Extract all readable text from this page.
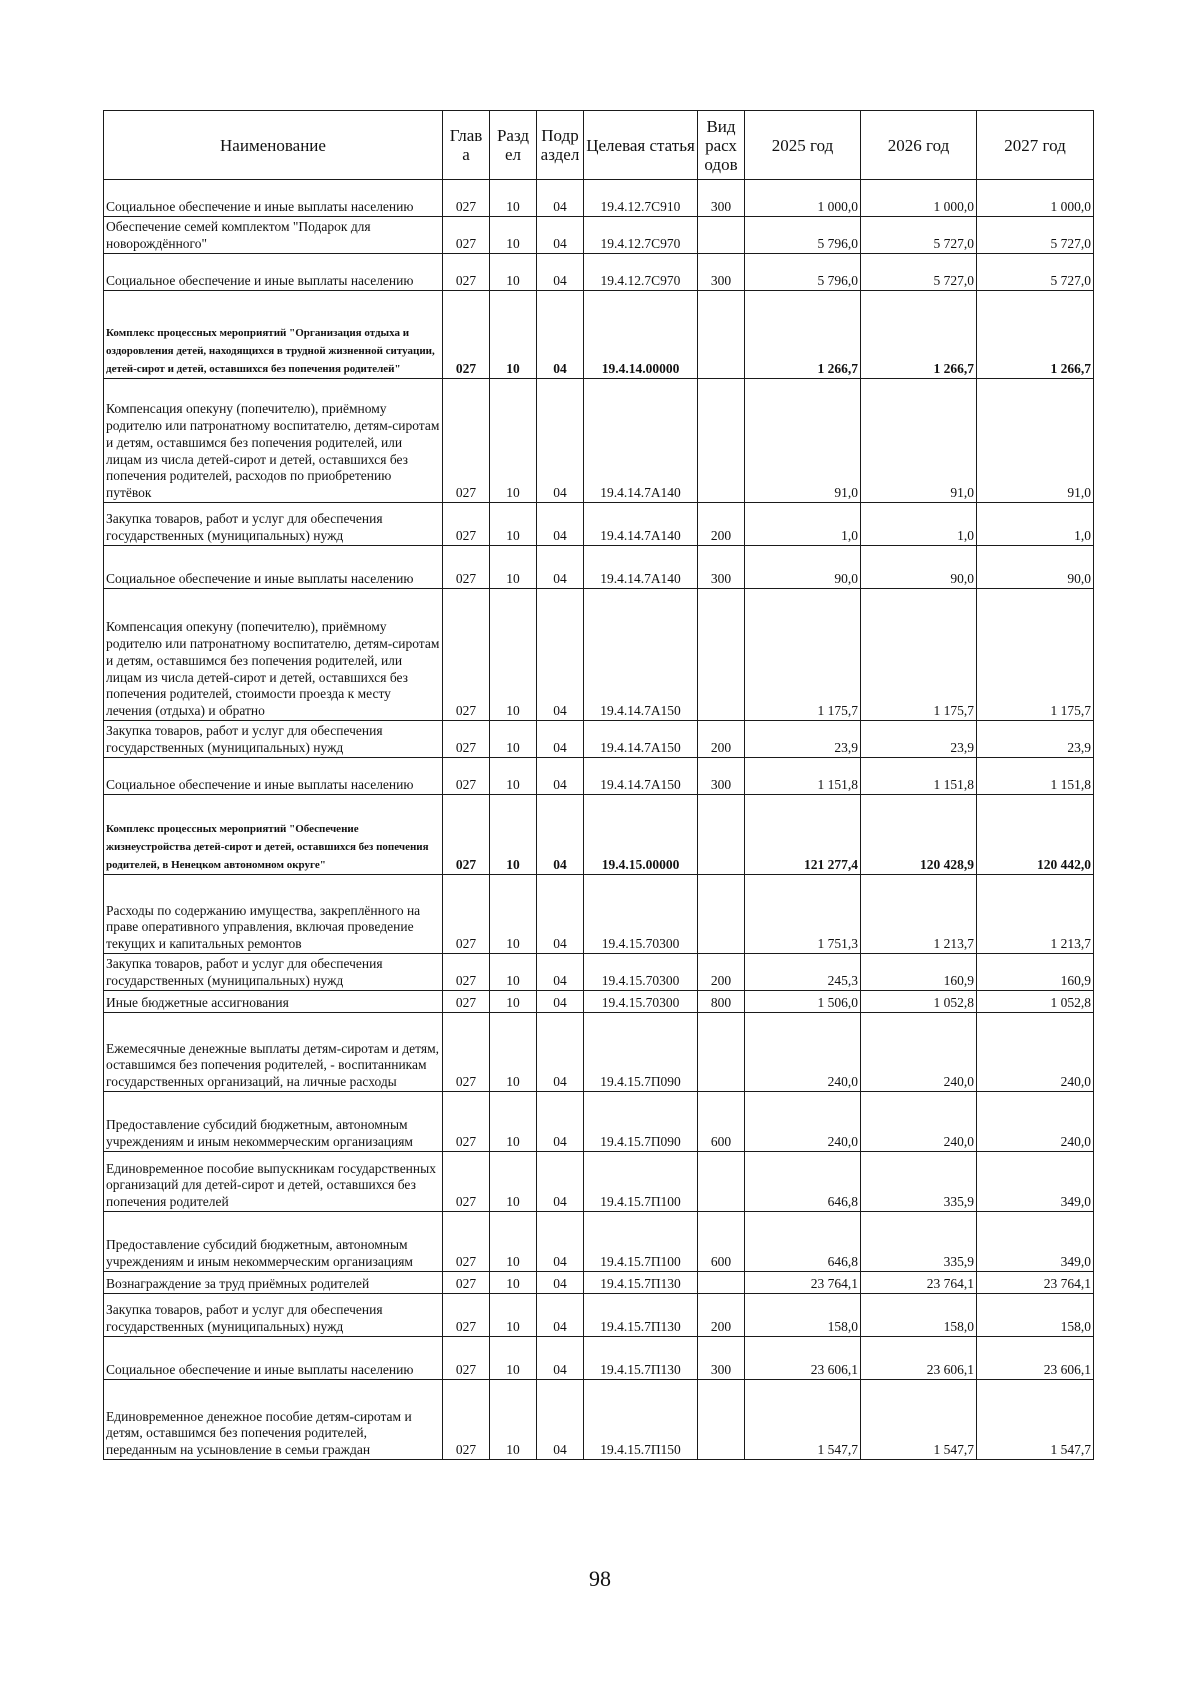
Наименование	Глав а	Разд ел	Подр аздел	Целевая статья	Вид расх одов	2025 год	2026 год	2027 год
Социальное обеспечение и иные выплаты населению	027	10	04	19.4.12.7С910	300	1 000,0	1 000,0	1 000,0
Обеспечение семей комплектом "Подарок для новорождённого"	027	10	04	19.4.12.7С970		5 796,0	5 727,0	5 727,0
Социальное обеспечение и иные выплаты населению	027	10	04	19.4.12.7С970	300	5 796,0	5 727,0	5 727,0
Комплекс процессных мероприятий "Организация отдыха и оздоровления детей, находящихся в трудной жизненной ситуации, детей-сирот и детей, оставшихся без попечения родителей"	027	10	04	19.4.14.00000		1 266,7	1 266,7	1 266,7
Компенсация опекуну (попечителю), приёмному родителю или патронатному воспитателю, детям-сиротам и детям, оставшимся без попечения родителей, или лицам из числа детей-сирот и детей, оставшихся без попечения родителей, расходов по приобретению путёвок	027	10	04	19.4.14.7А140		91,0	91,0	91,0
Закупка товаров, работ и услуг для обеспечения государственных (муниципальных) нужд	027	10	04	19.4.14.7А140	200	1,0	1,0	1,0
Социальное обеспечение и иные выплаты населению	027	10	04	19.4.14.7А140	300	90,0	90,0	90,0
Компенсация опекуну (попечителю), приёмному родителю или патронатному воспитателю, детям-сиротам и детям, оставшимся без попечения родителей, или лицам из числа детей-сирот и детей, оставшихся без попечения родителей, стоимости проезда к месту лечения (отдыха) и обратно	027	10	04	19.4.14.7А150		1 175,7	1 175,7	1 175,7
Закупка товаров, работ и услуг для обеспечения государственных (муниципальных) нужд	027	10	04	19.4.14.7А150	200	23,9	23,9	23,9
Социальное обеспечение и иные выплаты населению	027	10	04	19.4.14.7А150	300	1 151,8	1 151,8	1 151,8
Комплекс процессных мероприятий "Обеспечение жизнеустройства детей-сирот и детей, оставшихся без попечения родителей, в Ненецком автономном округе"	027	10	04	19.4.15.00000		121 277,4	120 428,9	120 442,0
Расходы по содержанию имущества, закреплённого на праве оперативного управления, включая проведение текущих и капитальных ремонтов	027	10	04	19.4.15.70300		1 751,3	1 213,7	1 213,7
Закупка товаров, работ и услуг для обеспечения государственных (муниципальных) нужд	027	10	04	19.4.15.70300	200	245,3	160,9	160,9
Иные бюджетные ассигнования	027	10	04	19.4.15.70300	800	1 506,0	1 052,8	1 052,8
Ежемесячные денежные выплаты детям-сиротам и детям, оставшимся без попечения родителей, - воспитанникам государственных организаций, на личные расходы	027	10	04	19.4.15.7П090		240,0	240,0	240,0
Предоставление субсидий бюджетным, автономным учреждениям и иным некоммерческим организациям	027	10	04	19.4.15.7П090	600	240,0	240,0	240,0
Единовременное пособие выпускникам государственных организаций для детей-сирот и детей, оставшихся без попечения родителей	027	10	04	19.4.15.7П100		646,8	335,9	349,0
Предоставление субсидий бюджетным, автономным учреждениям и иным некоммерческим организациям	027	10	04	19.4.15.7П100	600	646,8	335,9	349,0
Вознаграждение за труд приёмных родителей	027	10	04	19.4.15.7П130		23 764,1	23 764,1	23 764,1
Закупка товаров, работ и услуг для обеспечения государственных (муниципальных) нужд	027	10	04	19.4.15.7П130	200	158,0	158,0	158,0
Социальное обеспечение и иные выплаты населению	027	10	04	19.4.15.7П130	300	23 606,1	23 606,1	23 606,1
Единовременное денежное пособие детям-сиротам и детям, оставшимся без попечения родителей, переданным на усыновление в семьи граждан	027	10	04	19.4.15.7П150		1 547,7	1 547,7	1 547,7
98
